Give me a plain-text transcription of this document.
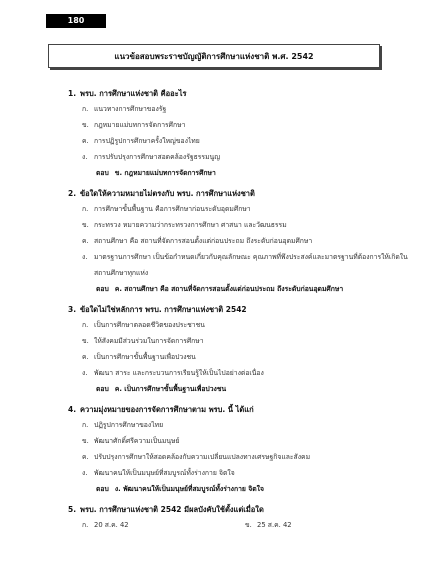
180
แนวข้อสอบพระราชบัญญัติการศึกษาแห่งชาติ พ.ศ. 2542
1. พรบ. การศึกษาแห่งชาติ คืออะไร
ก. แนวทางการศึกษาของรัฐ
ข. กฎหมายแม่บทการจัดการศึกษา
ค. การปฏิรูปการศึกษาครั้งใหญ่ของไทย
ง. การปรับปรุงการศึกษาสอดคล้องรัฐธรรมนูญ
ตอบ ข. กฎหมายแม่บทการจัดการศึกษา
2. ข้อใดให้ความหมายไม่ตรงกับ พรบ. การศึกษาแห่งชาติ
ก. การศึกษาขั้นพื้นฐาน คือการศึกษาก่อนระดับอุดมศึกษา
ข. กระทรวง หมายความว่ากระทรวงการศึกษา ศาสนา และวัฒนธรรม
ค. สถานศึกษา คือ สถานที่จัดการสอนตั้งแต่ก่อนประถม ถึงระดับก่อนอุดมศึกษา
ง. มาตรฐานการศึกษา เป็นข้อกำหนดเกี่ยวกับคุณลักษณะ คุณภาพที่พึงประสงค์และมาตรฐานที่ต้องการให้เกิดในสถานศึกษาทุกแห่ง
ตอบ ค. สถานศึกษา คือ สถานที่จัดการสอนตั้งแต่ก่อนประถม ถึงระดับก่อนอุดมศึกษา
3. ข้อใดไม่ใช่หลักการ พรบ. การศึกษาแห่งชาติ 2542
ก. เป็นการศึกษาตลอดชีวิตของประชาชน
ข. ให้สังคมมีส่วนร่วมในการจัดการศึกษา
ค. เป็นการศึกษาขั้นพื้นฐานเพื่อปวงชน
ง. พัฒนา สาระ และกระบวนการเรียนรู้ให้เป็นไปอย่างต่อเนื่อง
ตอบ ค. เป็นการศึกษาขั้นพื้นฐานเพื่อปวงชน
4. ความมุ่งหมายของการจัดการศึกษาตาม พรบ. นี้ ได้แก่
ก. ปฏิรูปการศึกษาของไทย
ข. พัฒนาศักดิ์ศรีความเป็นมนุษย์
ค. ปรับปรุงการศึกษาให้สอดคล้องกับความเปลี่ยนแปลงทางเศรษฐกิจและสังคม
ง. พัฒนาคนให้เป็นมนุษย์ที่สมบูรณ์ทั้งร่างกาย จิตใจ
ตอบ ง. พัฒนาคนให้เป็นมนุษย์ที่สมบูรณ์ทั้งร่างกาย จิตใจ
5. พรบ. การศึกษาแห่งชาติ 2542 มีผลบังคับใช้ตั้งแต่เมื่อใด
ก. 20 ส.ค. 42	ข. 25 ส.ค. 42
